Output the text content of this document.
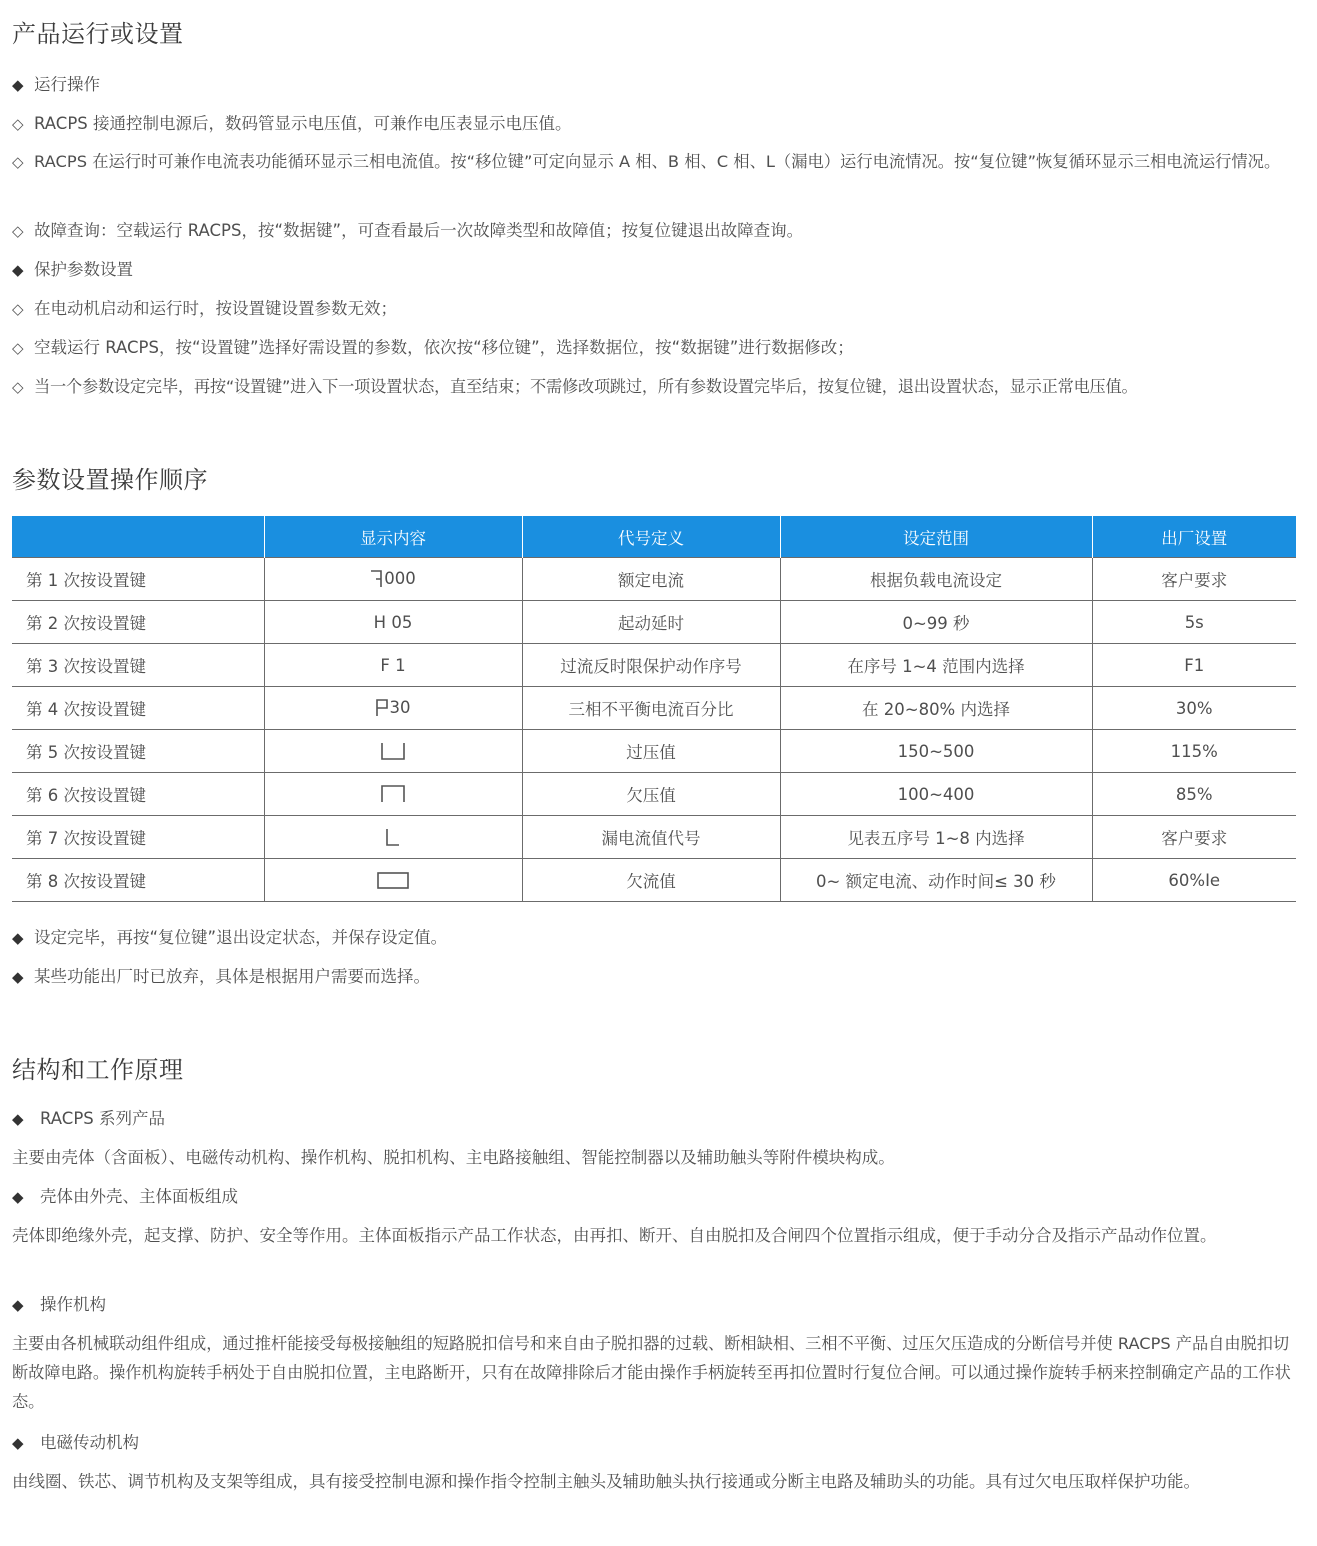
产品运行或设置
◆ 运行操作
◇ RACPS 接通控制电源后，数码管显示电压值，可兼作电压表显示电压值。
◇ RACPS 在运行时可兼作电流表功能循环显示三相电流值。按“移位键”可定向显示 A 相、B 相、C 相、L（漏电）运行电流情况。按“复位键”恢复循环显示三相电流运行情况。
◇ 故障查询：空载运行 RACPS，按“数据键”，可查看最后一次故障类型和故障值；按复位键退出故障查询。
◆ 保护参数设置
◇ 在电动机启动和运行时，按设置键设置参数无效；
◇ 空载运行 RACPS，按“设置键”选择好需设置的参数，依次按“移位键”，选择数据位，按“数据键”进行数据修改；
◇ 当一个参数设定完毕，再按“设置键”进入下一项设置状态，直至结束；不需修改项跳过，所有参数设置完毕后，按复位键，退出设置状态，显示正常电压值。
参数设置操作顺序
	显示内容	代号定义	设定范围	出厂设置
第 1 次按设置键	000	额定电流	根据负载电流设定	客户要求
第 2 次按设置键	H 05	起动延时	0~99 秒	5s
第 3 次按设置键	F 1	过流反时限保护动作序号	在序号 1~4 范围内选择	F1
第 4 次按设置键	30	三相不平衡电流百分比	在 20~80% 内选择	30%
第 5 次按设置键		过压值	150~500	115%
第 6 次按设置键		欠压值	100~400	85%
第 7 次按设置键		漏电流值代号	见表五序号 1~8 内选择	客户要求
第 8 次按设置键		欠流值	0~ 额定电流、动作时间≤ 30 秒	60%Ie
◆ 设定完毕，再按“复位键”退出设定状态，并保存设定值。
◆ 某些功能出厂时已放弃，具体是根据用户需要而选择。
结构和工作原理
◆ RACPS 系列产品
主要由壳体（含面板）、电磁传动机构、操作机构、脱扣机构、主电路接触组、智能控制器以及辅助触头等附件模块构成。
◆ 壳体由外壳、主体面板组成
壳体即绝缘外壳，起支撑、防护、安全等作用。主体面板指示产品工作状态，由再扣、断开、自由脱扣及合闸四个位置指示组成，便于手动分合及指示产品动作位置。
◆ 操作机构
主要由各机械联动组件组成，通过推杆能接受每极接触组的短路脱扣信号和来自由子脱扣器的过载、断相缺相、三相不平衡、过压欠压造成的分断信号并使 RACPS 产品自由脱扣切断故障电路。操作机构旋转手柄处于自由脱扣位置，主电路断开，只有在故障排除后才能由操作手柄旋转至再扣位置时行复位合闸。可以通过操作旋转手柄来控制确定产品的工作状态。
◆ 电磁传动机构
由线圈、铁芯、调节机构及支架等组成，具有接受控制电源和操作指令控制主触头及辅助触头执行接通或分断主电路及辅助头的功能。具有过欠电压取样保护功能。
